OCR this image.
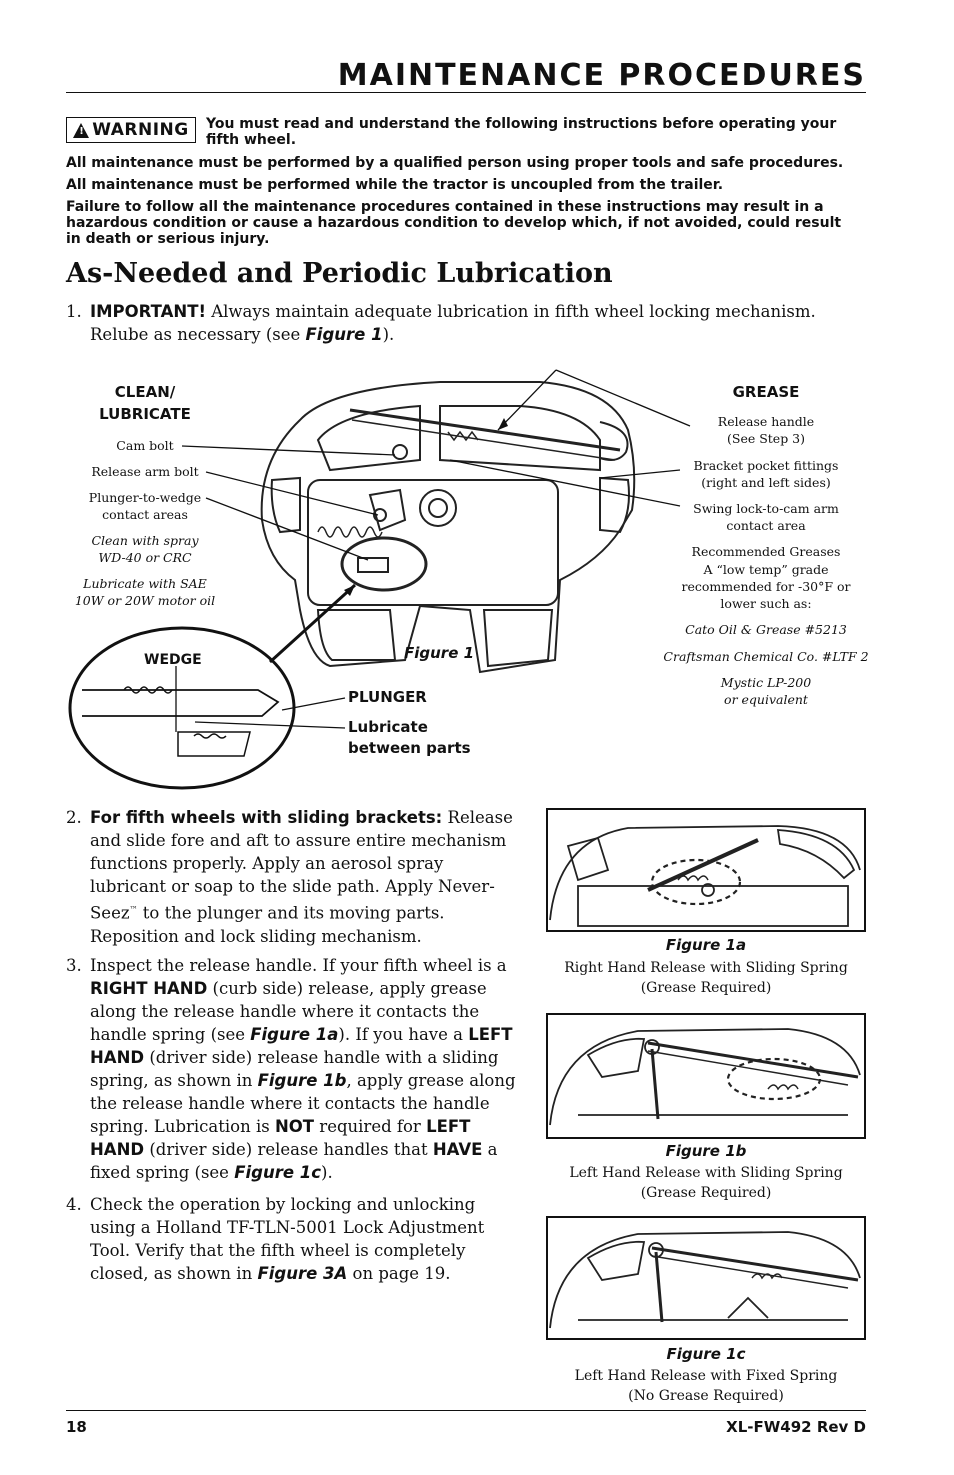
MAINTENANCE PROCEDURES
! WARNING You must read and understand the following instructions before operating your fifth wheel.
All maintenance must be performed by a qualified person using proper tools and safe procedures.
All maintenance must be performed while the tractor is uncoupled from the trailer.
Failure to follow all the maintenance procedures contained in these instructions may result in a hazardous condition or cause a hazardous condition to develop which, if not avoided, could result in death or serious injury.
As-Needed and Periodic Lubrication
1. IMPORTANT! Always maintain adequate lubrication in fifth wheel locking mechanism. Relube as necessary (see Figure 1).
CLEAN/
LUBRICATE
Cam bolt
Release arm bolt
Plunger-to-wedge
contact areas
Clean with spray
WD-40 or CRC
Lubricate with SAE
10W or 20W motor oil
GREASE
Release handle
(See Step 3)
Bracket pocket fittings
(right and left sides)
Swing lock-to-cam arm
contact area
Recommended Greases
A “low temp” grade
recommended for -30°F or
lower such as:
Cato Oil & Grease #5213
Craftsman Chemical Co. #LTF 2
Mystic LP-200
or equivalent
Figure 1
WEDGE
PLUNGER
Lubricate
between parts
2. For fifth wheels with sliding brackets: Release and slide fore and aft to assure entire mechanism functions properly. Apply an aerosol spray lubricant or soap to the slide path. Apply Never-Seez™ to the plunger and its moving parts. Reposition and lock sliding mechanism.
3. Inspect the release handle. If your fifth wheel is a RIGHT HAND (curb side) release, apply grease along the release handle where it contacts the handle spring (see Figure 1a). If you have a LEFT HAND (driver side) release handle with a sliding spring, as shown in Figure 1b, apply grease along the release handle where it contacts the handle spring. Lubrication is NOT required for LEFT HAND (driver side) release handles that HAVE a fixed spring (see Figure 1c).
4. Check the operation by locking and unlocking using a Holland TF-TLN-5001 Lock Adjustment Tool. Verify that the fifth wheel is completely closed, as shown in Figure 3A on page 19.
Figure 1a
Right Hand Release with Sliding Spring
(Grease Required)
Figure 1b
Left Hand Release with Sliding Spring
(Grease Required)
Figure 1c
Left Hand Release with Fixed Spring
(No Grease Required)
18	XL-FW492 Rev D
